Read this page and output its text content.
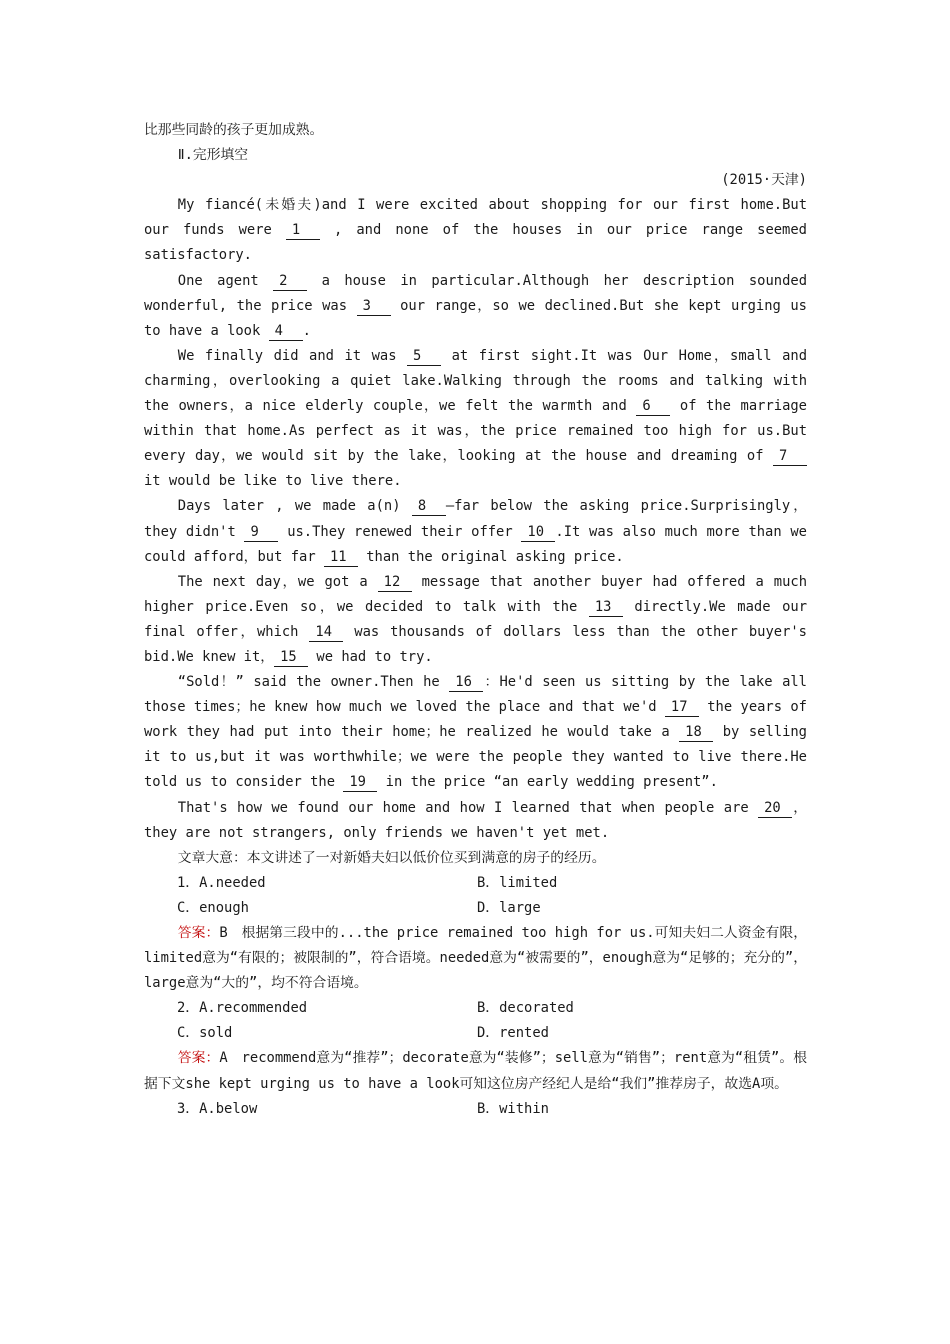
比那些同龄的孩子更加成熟。

Ⅱ.完形填空

(2015·天津)

My fiancé(未婚夫)and I were excited about shopping for our first home.But our funds were 1 , and none of the houses in our price range seemed satisfactory.

One agent 2 a house in particular.Although her description sounded wonderful, the price was 3 our range，so we declined.But she kept urging us to have a look 4 .

We finally did and it was 5 at first sight.It was Our Home，small and charming，overlooking a quiet lake.Walking through the rooms and talking with the owners，a nice elderly couple，we felt the warmth and 6 of the marriage within that home.As perfect as it was，the price remained too high for us.But every day，we would sit by the lake，looking at the house and dreaming of 7 it would be like to live there.

Days later , we made a(n) 8 —far below the asking price.Surprisingly，they didn't 9 us.They renewed their offer 10 .It was also much more than we could afford，but far 11 than the original asking price.

The next day，we got a 12 message that another buyer had offered a much higher price.Even so，we decided to talk with the 13 directly.We made our final offer，which 14 was thousands of dollars less than the other buyer's bid.We knew it， 15 we had to try.

“Sold！” said the owner.Then he 16 ：He'd seen us sitting by the lake all those times；he knew how much we loved the place and that we'd 17 the years of work they had put into their home；he realized he would take a 18 by selling it to us,but it was worthwhile；we were the people they wanted to live there.He told us to consider the 19 in the price “an early wedding present”.

That's how we found our home and how I learned that when people are 20 ，they are not strangers, only friends we haven't yet met.

文章大意：本文讲述了一对新婚夫妇以低价位买到满意的房子的经历。

1．A.needed	B．limited
C．enough	D．large

答案：B　根据第三段中的...the price remained too high for us.可知夫妇二人资金有限，limited意为“有限的；被限制的”，符合语境。needed意为“被需要的”，enough意为“足够的；充分的”，large意为“大的”，均不符合语境。

2．A.recommended	B．decorated
C．sold	D．rented

答案：A　recommend意为“推荐”；decorate意为“装修”；sell意为“销售”；rent意为“租赁”。根据下文she kept urging us to have a look可知这位房产经纪人是给“我们”推荐房子，故选A项。

3．A.below	B．within
